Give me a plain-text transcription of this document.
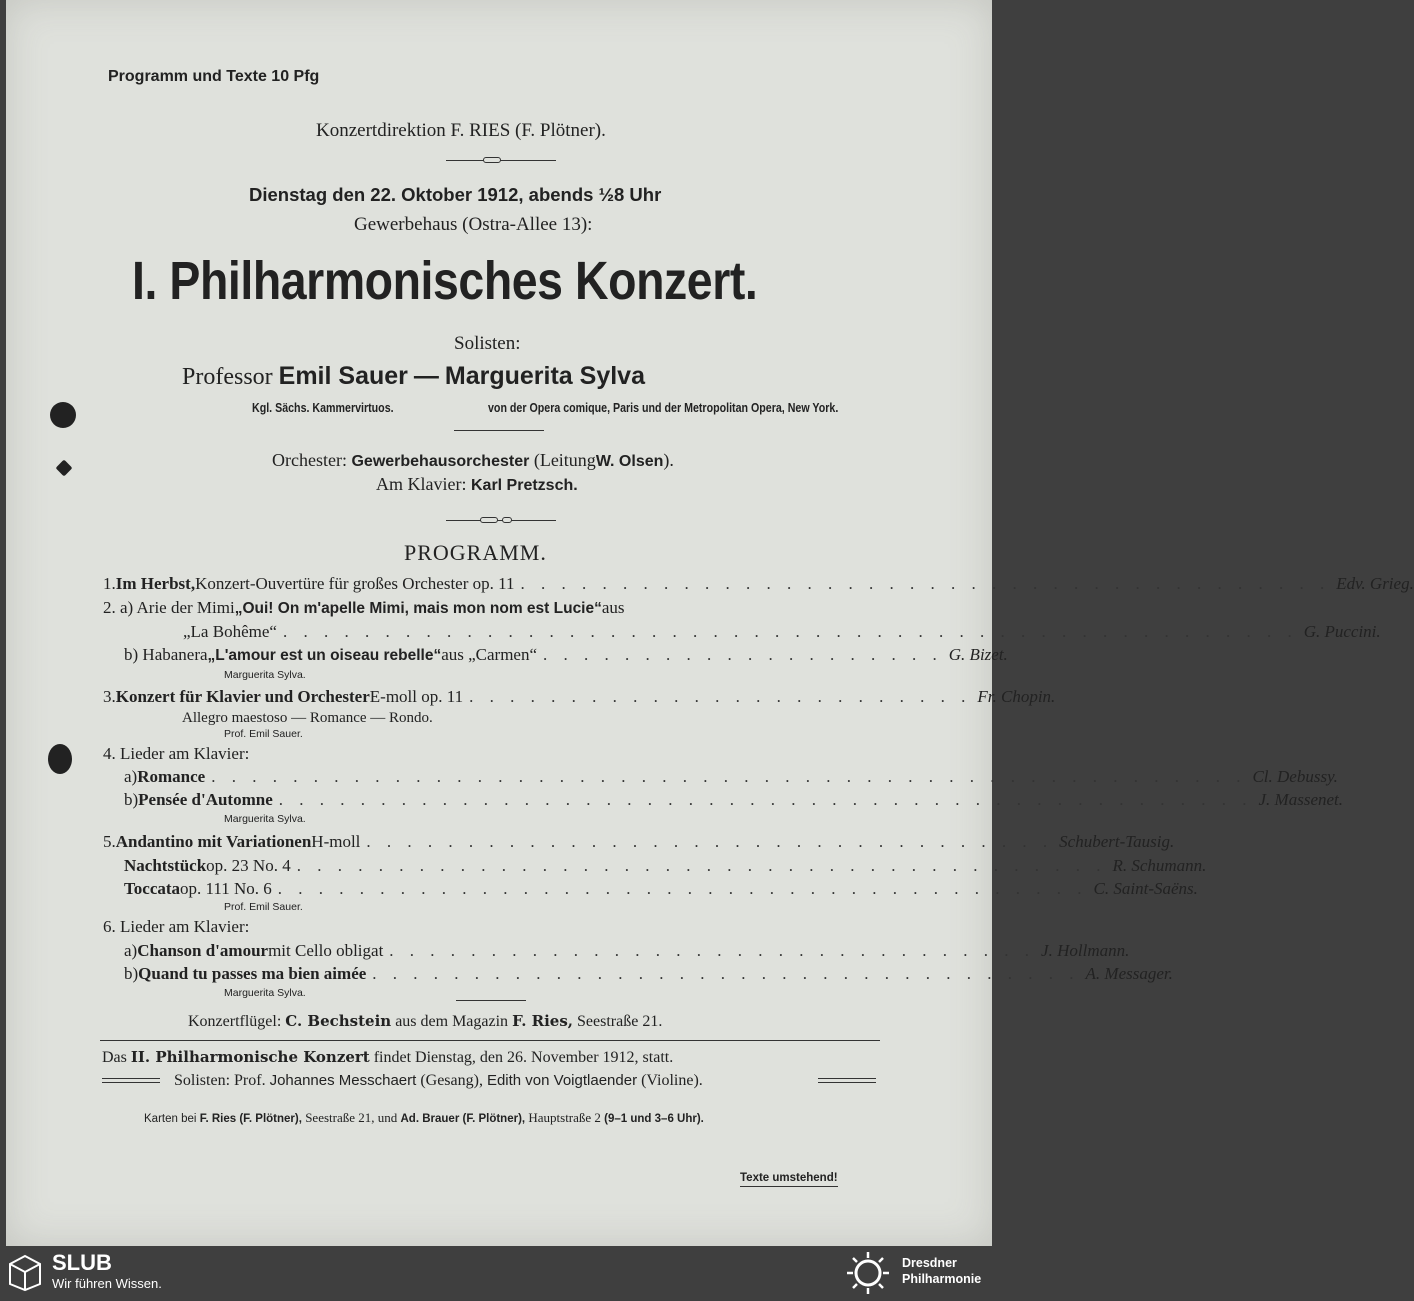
Programm und Texte 10 Pfg
Konzertdirektion F. RIES (F. Plötner).
Dienstag den 22. Oktober 1912, abends ½8 Uhr
Gewerbehaus (Ostra-Allee 13):
I. Philharmonisches Konzert.
Solisten:
Professor Emil Sauer — Marguerita Sylva
Kgl. Sächs. Kammervirtuos.	von der Opera comique, Paris und der Metropolitan Opera, New York.
Orchester: Gewerbehausorchester (LeitungW. Olsen).
Am Klavier: Karl Pretzsch.
PROGRAMM.
1. Im Herbst, Konzert-Ouvertüre für großes Orchester op. 11 . . . . . . . . . . . . . . . . . . . . . . . . . . . . . . . . . . . . . . . . Edv. Grieg.
2. a) Arie der Mimi „Oui! On m'apelle Mimi, mais mon nom est Lucie“ aus
„La Bohême“ . . . . . . . . . . . . . . . . . . . . . . . . . . . . . . . . . . . . . . . . . . . . . . . . . . G. Puccini.
b) Habanera „L'amour est un oiseau rebelle“ aus „Carmen“ . . . . . . . . . . . . . . . . . . . . G. Bizet.
Marguerita Sylva.
3. Konzert für Klavier und Orchester E-moll op. 11 . . . . . . . . . . . . . . . . . . . . . . . . . Fr. Chopin.
Allegro maestoso — Romance — Rondo.
Prof. Emil Sauer.
4. Lieder am Klavier:
a) Romance . . . . . . . . . . . . . . . . . . . . . . . . . . . . . . . . . . . . . . . . . . . . . . . . . . . Cl. Debussy.
b) Pensée d'Automne . . . . . . . . . . . . . . . . . . . . . . . . . . . . . . . . . . . . . . . . . . . . . . . . J. Massenet.
Marguerita Sylva.
5. Andantino mit Variationen H-moll . . . . . . . . . . . . . . . . . . . . . . . . . . . . . . . . . . Schubert-Tausig.
Nachtstück op. 23 No. 4 . . . . . . . . . . . . . . . . . . . . . . . . . . . . . . . . . . . . . . . . R. Schumann.
Toccata op. 111 No. 6 . . . . . . . . . . . . . . . . . . . . . . . . . . . . . . . . . . . . . . . . C. Saint-Saëns.
Prof. Emil Sauer.
6. Lieder am Klavier:
a) Chanson d'amour mit Cello obligat . . . . . . . . . . . . . . . . . . . . . . . . . . . . . . . . J. Hollmann.
b) Quand tu passes ma bien aimée . . . . . . . . . . . . . . . . . . . . . . . . . . . . . . . . . . . A. Messager.
Marguerita Sylva.
Konzertflügel: C. Bechstein aus dem Magazin F. Ries, Seestraße 21.
Das II. Philharmonische Konzert findet Dienstag, den 26. November 1912, statt.
Solisten: Prof. Johannes Messchaert (Gesang), Edith von Voigtlaender (Violine).
Karten bei F. Ries (F. Plötner), Seestraße 21, und Ad. Brauer (F. Plötner), Hauptstraße 2 (9–1 und 3–6 Uhr).
Texte umstehend!
SLUB
Wir führen Wissen.
Dresdner
Philharmonie
